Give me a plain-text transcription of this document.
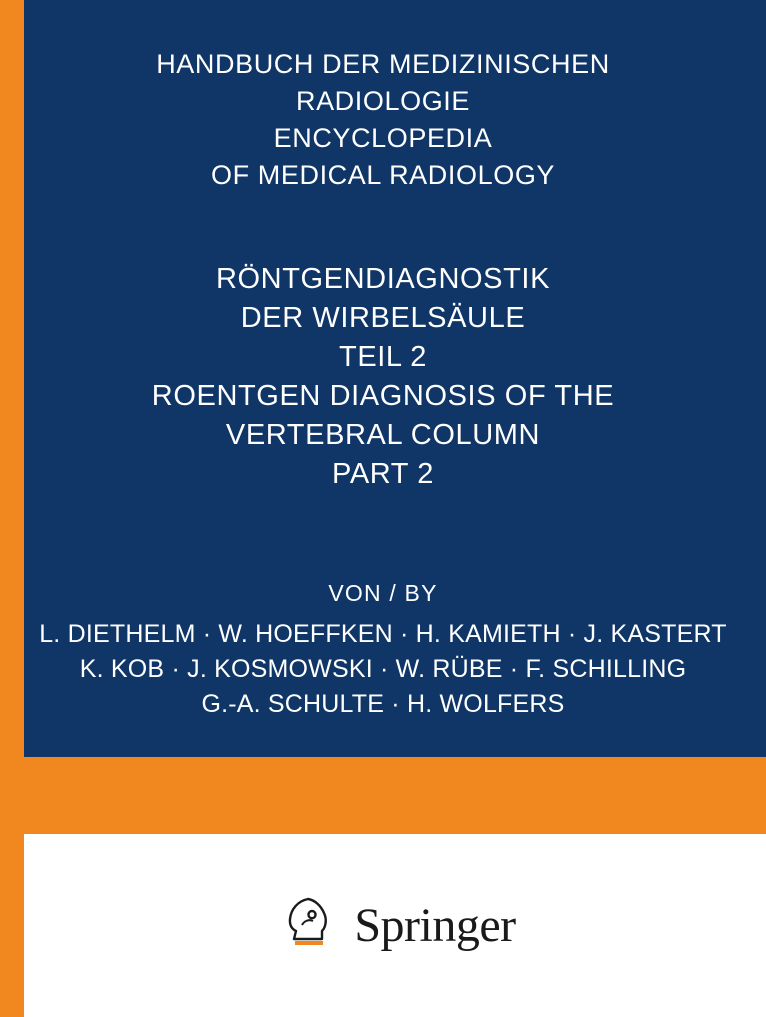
HANDBUCH DER MEDIZINISCHEN
RADIOLOGIE
ENCYCLOPEDIA
OF MEDICAL RADIOLOGY
RÖNTGENDIAGNOSTIK
DER WIRBELSÄULE
TEIL 2
ROENTGEN DIAGNOSIS OF THE
VERTEBRAL COLUMN
PART 2
VON / BY
L. DIETHELM · W. HOEFFKEN · H. KAMIETH · J. KASTERT
K. KOB · J. KOSMOWSKI · W. RÜBE · F. SCHILLING
G.-A. SCHULTE · H. WOLFERS
Springer
